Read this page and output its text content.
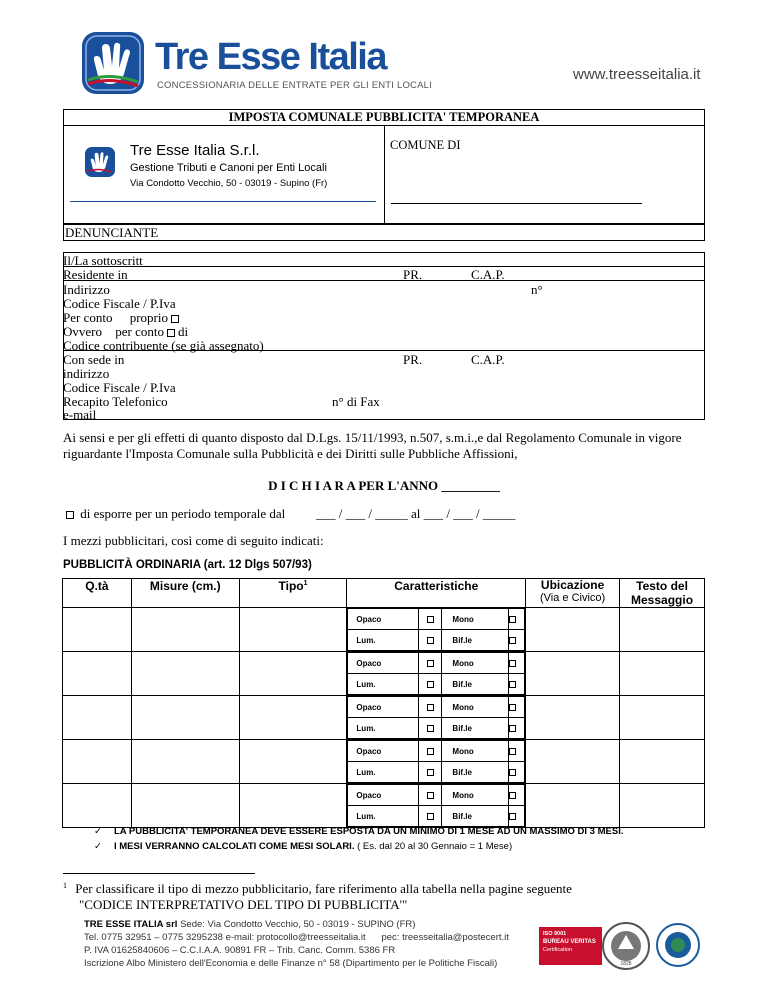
Tre Esse Italia
CONCESSIONARIA DELLE ENTRATE PER GLI ENTI LOCALI
www.treesseitalia.it
IMPOSTA COMUNALE PUBBLICITA' TEMPORANEA
Tre Esse Italia S.r.l.
Gestione Tributi e Canoni per Enti Locali
Via Condotto Vecchio, 50 - 03019 - Supino (Fr)
COMUNE DI
DENUNCIANTE
Il/La sottoscritt__
Residente in	PR.	C.A.P.
Indirizzo	n°
Codice Fiscale / P.Iva
Per conto proprio
Ovvero per conto di
Codice contribuente (se già assegnato)
Con sede in	PR.	C.A.P.
indirizzo
Codice Fiscale / P.Iva
Recapito Telefonico	n° di Fax
e-mail
Ai sensi e per gli effetti di quanto disposto dal D.Lgs. 15/11/1993, n.507, s.m.i.,e dal Regolamento Comunale in vigore riguardante l'Imposta Comunale sulla Pubblicità e dei Diritti sulle Pubbliche Affissioni,
D I C H I A R A PER L'ANNO _________
di esporre per un periodo temporale dal ___ / ___ / _____ al ___ / ___ / _____
I mezzi pubblicitari, così come di seguito indicati:
PUBBLICITÀ ORDINARIA (art. 12 Dlgs 507/93)
Q.tà	Misure (cm.)	Tipo$^1$	Caratteristiche	Ubicazione
(Via e Civico)	Testo del Messaggio

Opaco		Mono	
Lum.		Bif.le	

Opaco		Mono	
Lum.		Bif.le	

Opaco		Mono	
Lum.		Bif.le	

Opaco		Mono	
Lum.		Bif.le	

Opaco		Mono	
Lum.		Bif.le	

✓ LA PUBBLICITA' TEMPORANEA DEVE ESSERE ESPOSTA DA UN MINIMO DI 1 MESE AD UN MASSIMO DI 3 MESI.
✓ I MESI VERRANNO CALCOLATI COME MESI SOLARI. ( Es. dal 20 al 30 Gennaio = 1 Mese)
$^1$ Per classificare il tipo di mezzo pubblicitario, fare riferimento alla tabella nella pagine seguente
"CODICE INTERPRETATIVO DEL TIPO DI PUBBLICITA'"
TRE ESSE ITALIA srl Sede: Via Condotto Vecchio, 50 - 03019 - SUPINO (FR)
Tel. 0775 32951 – 0775 3295238 e-mail: protocollo@treesseitalia.it pec: treesseitalia@postecert.it
P. IVA 01625840606 – C.C.I.A.A. 90891 FR – Trib. Canc. Comm. 5386 FR
Iscrizione Albo Ministero dell'Economia e delle Finanze n° 58 (Dipartimento per le Politiche Fiscali)
ISO 9001
BUREAU VERITAS
Certification
1828
